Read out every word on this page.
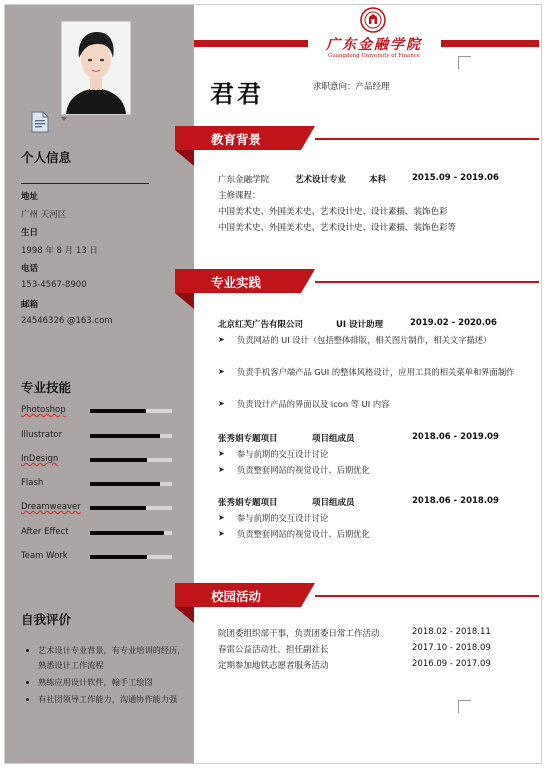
个人信息
地址
广州 天河区
生日
1998 年 8 月 13 日
电话
153-4567-8900
邮箱
24546326 @163.com
专业技能
Photoshop
Illustrator
InDesign
Flash
Dreamweaver
After Effect
Team Work
自我评价
• 艺术设计专业背景，有专业培训的经历，熟悉设计工作流程
• 熟练应用设计软件，翰手工绘图
• 有社团领导工作能力，沟通协作能力强
广东金融学院
Guangdong University of Finance
君君	求职意向：产品经理
教育背景
广东金融学院	艺术设计专业	本科	2015.09 - 2019.06
主修课程：
中国美术史、外国美术史、艺术设计史、设计素描、装饰色彩
中国美术史、外国美术史、艺术设计史、设计素描、装饰色彩等
专业实践
北京红芙广告有限公司	UI 设计助理	2019.02 - 2020.06
➤	负责网站的 UI 设计（包括整体排版，相关图片制作，相关文字描述）
➤	负责手机客户端产品 GUI 的整体风格设计，应用工具的相关菜单和界面制作
➤	负责设计产品的界面以及 icon 等 UI 内容
张秀娟专题项目	项目组成员	2018.06 - 2019.09
➤	参与前期的交互设计讨论
➤	负责整套网站的视觉设计、后期优化
张秀娟专题项目	项目组成员	2018.06 - 2018.09
➤	参与前期的交互设计讨论
➤	负责整套网站的视觉设计、后期优化
校园活动
院团委组织部干事，负责团委日常工作活动	2018.02 - 2018.11
春雷公益活动社，担任副社长	2017.10 - 2018.09
定期参加地铁志愿者服务活动	2016.09 - 2017.09
